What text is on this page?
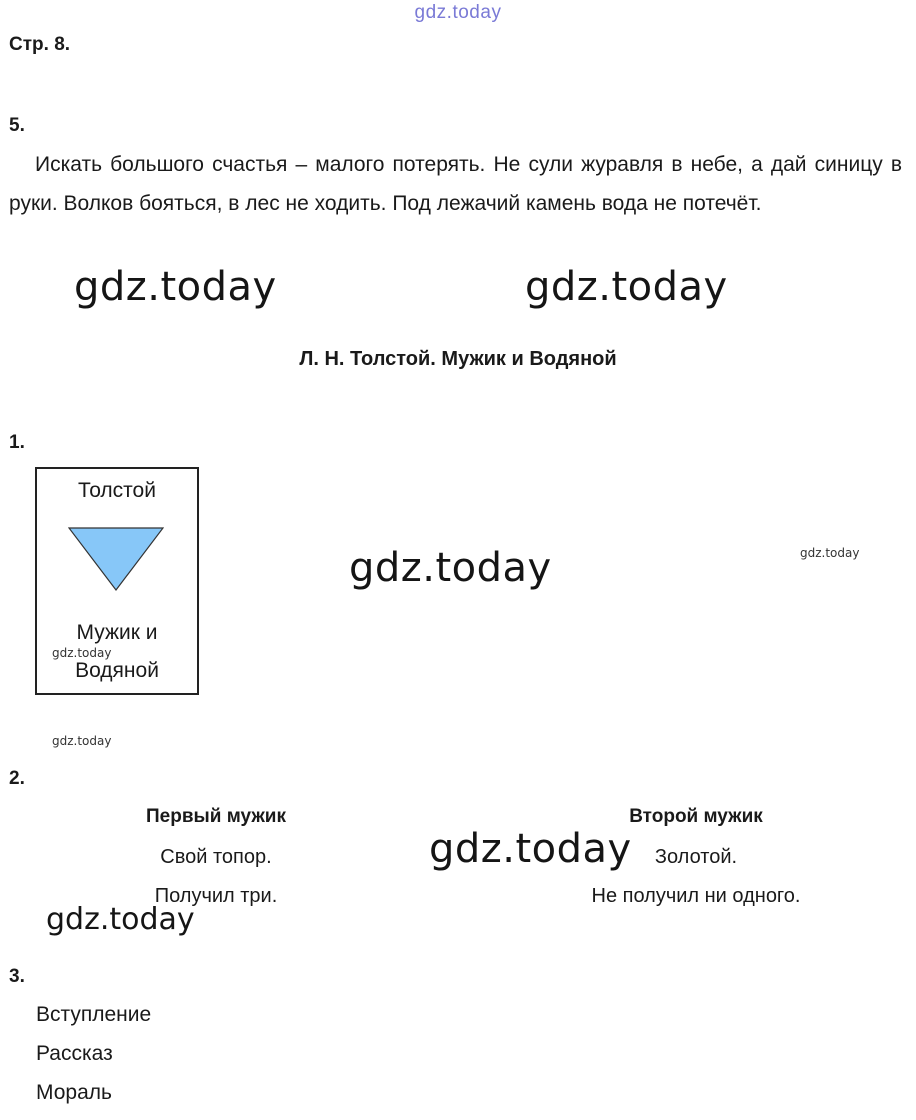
gdz.today
Стр. 8.
5.
Искать большого счастья – малого потерять. Не сули журавля в небе, а дай синицу в руки. Волков бояться, в лес не ходить. Под лежачий камень вода не потечёт.
gdz.today	gdz.today
Л. Н. Толстой. Мужик и Водяной
1.
Толстой
Мужик и
Водяной
gdz.today
gdz.today	gdz.today
gdz.today
2.
Первый мужик
Свой топор.
Получил три.
Второй мужик
Золотой.
Не получил ни одного.
gdz.today
gdz.today
3.
Вступление
Рассказ
Мораль
